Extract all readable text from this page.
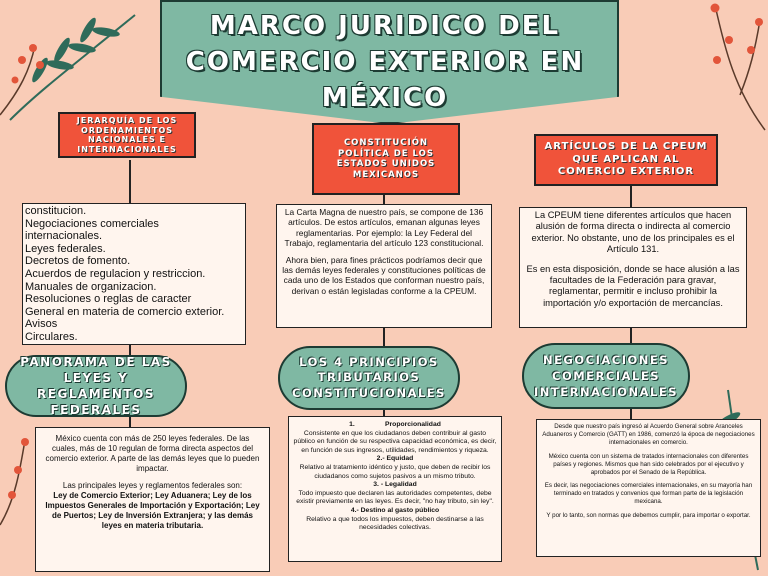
MARCO JURIDICO DEL COMERCIO EXTERIOR EN MÉXICO
JERARQUÍA DE LOS ORDENAMIENTOS NACIONALES E INTERNACIONALES
constitucion.
Negociaciones comerciales
internacionales.
Leyes federales.
Decretos de fomento.
Acuerdos de regulacion y restriccion.
Manuales de organizacion.
Resoluciones o reglas de caracter
General en materia de comercio exterior.
Avisos
Circulares.
PANORAMA DE LAS LEYES Y REGLAMENTOS FEDERALES
México cuenta con más de 250 leyes federales. De las cuales, más de 10 regulan de forma directa aspectos del comercio exterior. A parte de las demás leyes que lo pueden impactar.
Las principales leyes y reglamentos federales son:
Ley de Comercio Exterior; Ley Aduanera; Ley de los Impuestos Generales de Importación y Exportación; Ley de Puertos; Ley de Inversión Extranjera; y las demás leyes en materia tributaria.
CONSTITUCIÓN POLÍTICA DE LOS ESTADOS UNIDOS MEXICANOS
La Carta Magna de nuestro país, se compone de 136 artículos. De estos artículos, emanan algunas leyes reglamentarias. Por ejemplo: la Ley Federal del Trabajo, reglamentaria del artículo 123 constitucional.
Ahora bien, para fines prácticos podríamos decir que las demás leyes federales y constituciones políticas de cada uno de los Estados que conforman nuestro país, derivan o están legisladas conforme a la CPEUM.
LOS 4 PRINCIPIOS TRIBUTARIOS CONSTITUCIONALES
1.                Proporcionalidad
Consistente en que los ciudadanos deben contribuir al gasto público en función de su respectiva capacidad económica, es decir, en función de sus ingresos, utilidades, rendimientos y riqueza.
2.- Equidad
Relativo al tratamiento idéntico y justo, que deben de recibir los ciudadanos como sujetos pasivos a un mismo tributo.
3. - Legalidad
Todo impuesto que declaren las autoridades competentes, debe existir previamente en las leyes. Es decir, "no hay tributo, sin ley".
4.- Destino al gasto público
Relativo a que todos los impuestos, deben destinarse a las necesidades colectivas.
ARTÍCULOS DE LA CPEUM QUE APLICAN AL COMERCIO EXTERIOR
La CPEUM tiene diferentes artículos que hacen alusión de forma directa o indirecta al comercio exterior. No obstante, uno de los principales es el Artículo 131.
Es en esta disposición, donde se hace alusión a las facultades de la Federación para gravar, reglamentar, permitir e incluso prohibir la importación y/o exportación de mercancías.
NEGOCIACIONES COMERCIALES INTERNACIONALES
Desde que nuestro país ingresó al Acuerdo General sobre Aranceles Aduaneros y Comercio (GATT) en 1986, comenzó la época de negociaciones internacionales en comercio.
México cuenta con un sistema de tratados internacionales con diferentes países y regiones. Mismos que han sido celebrados por el ejecutivo y aprobados por el Senado de la República.
Es decir, las negociaciones comerciales internacionales, en su mayoría han terminado en tratados y convenios que forman parte de la legislación mexicana.
Y por lo tanto, son normas que debemos cumplir, para importar o exportar.
